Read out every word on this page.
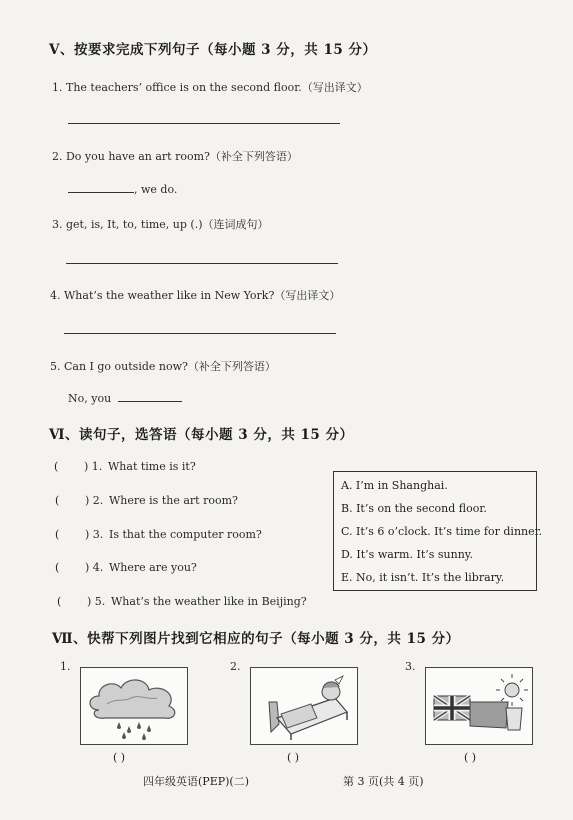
Ⅴ、按要求完成下列句子（每小题 3 分，共 15 分）
1. The teachers’ office is on the second floor.（写出译文）
2. Do you have an art room?（补全下列答语）
, we do.
3. get, is, It, to, time, up (.)（连词成句）
4. What’s the weather like in New York?（写出译文）
5. Can I go outside now?（补全下列答语）
No, you
Ⅵ、读句子，选答语（每小题 3 分，共 15 分）
( ) 1. What time is it?
( ) 2. Where is the art room?
( ) 3. Is that the computer room?
( ) 4. Where are you?
( ) 5. What’s the weather like in Beijing?
A. I’m in Shanghai.
B. It’s on the second floor.
C. It’s 6 o’clock. It’s time for dinner.
D. It’s warm. It’s sunny.
E. No, it isn’t. It’s the library.
Ⅶ、快帮下列图片找到它相应的句子（每小题 3 分，共 15 分）
1.
( )
2.
( )
3.
( )
四年级英语(PEP)(二)	第 3 页(共 4 页)
